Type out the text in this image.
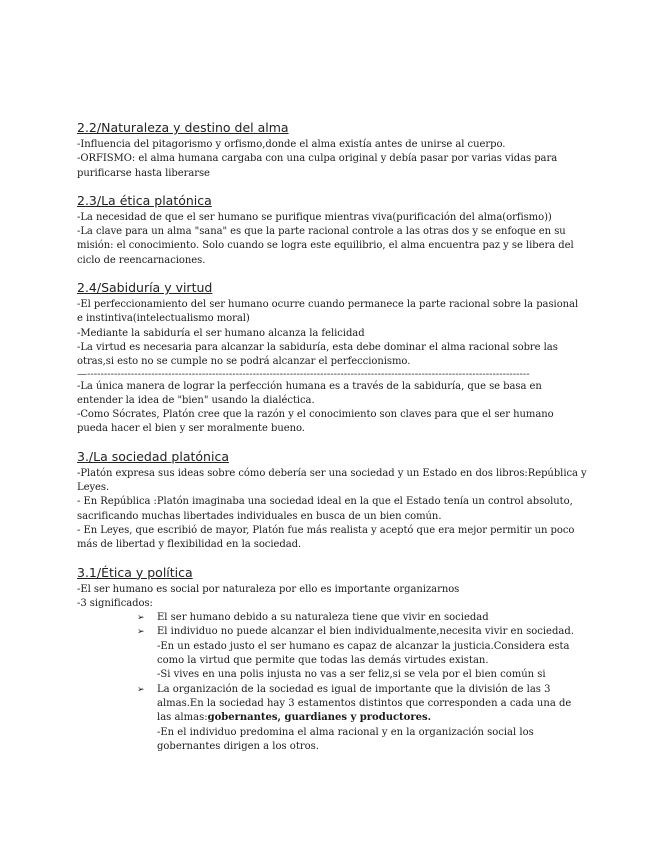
2.2/Naturaleza y destino del alma

-Influencia del pitagorismo y orfismo,donde el alma existía antes de unirse al cuerpo.

-ORFISMO: el alma humana cargaba con una culpa original y debía pasar por varias vidas para purificarse hasta liberarse

2.3/La ética platónica

-La necesidad de que el ser humano se purifique mientras viva(purificación del alma(orfismo))

-La clave para un alma "sana" es que la parte racional controle a las otras dos y se enfoque en su misión: el conocimiento. Solo cuando se logra este equilibrio, el alma encuentra paz y se libera del ciclo de reencarnaciones.

2.4/Sabiduría y virtud

-El perfeccionamiento del ser humano ocurre cuando permanece la parte racional sobre la pasional e instintiva(intelectualismo moral)

-Mediante la sabiduría el ser humano alcanza la felicidad

-La virtud es necesaria para alcanzar la sabiduría, esta debe dominar el alma racional sobre las otras,si esto no se cumple no se podrá alcanzar el perfeccionismo.

—-----------------------------------------------------------------------------------------------------------------------------------

-La única manera de lograr la perfección humana es a través de la sabiduría, que se basa en entender la idea de "bien" usando la dialéctica.

-Como Sócrates, Platón cree que la razón y el conocimiento son claves para que el ser humano pueda hacer el bien y ser moralmente bueno.

3./La sociedad platónica

-Platón expresa sus ideas sobre cómo debería ser una sociedad y un Estado en dos libros:República y Leyes.

- En República :Platón imaginaba una sociedad ideal en la que el Estado tenía un control absoluto, sacrificando muchas libertades individuales en busca de un bien común.

- En Leyes, que escribió de mayor, Platón fue más realista y aceptó que era mejor permitir un poco más de libertad y flexibilidad en la sociedad.

3.1/Ética y política

-El ser humano es social por naturaleza por ello es importante organizarnos

-3 significados:

➢ El ser humano debido a su naturaleza tiene que vivir en sociedad
➢ El individuo no puede alcanzar el bien individualmente,necesita vivir en sociedad.
-En un estado justo el ser humano es capaz de alcanzar la justicia.Considera esta como la virtud que permite que todas las demás virtudes existan.
-Si vives en una polis injusta no vas a ser feliz,si se vela por el bien común si
➢ La organización de la sociedad es igual de importante que la división de las 3 almas.En la sociedad hay 3 estamentos distintos que corresponden a cada una de las almas:gobernantes, guardianes y productores.
-En el individuo predomina el alma racional y en la organización social los gobernantes dirigen a los otros.
